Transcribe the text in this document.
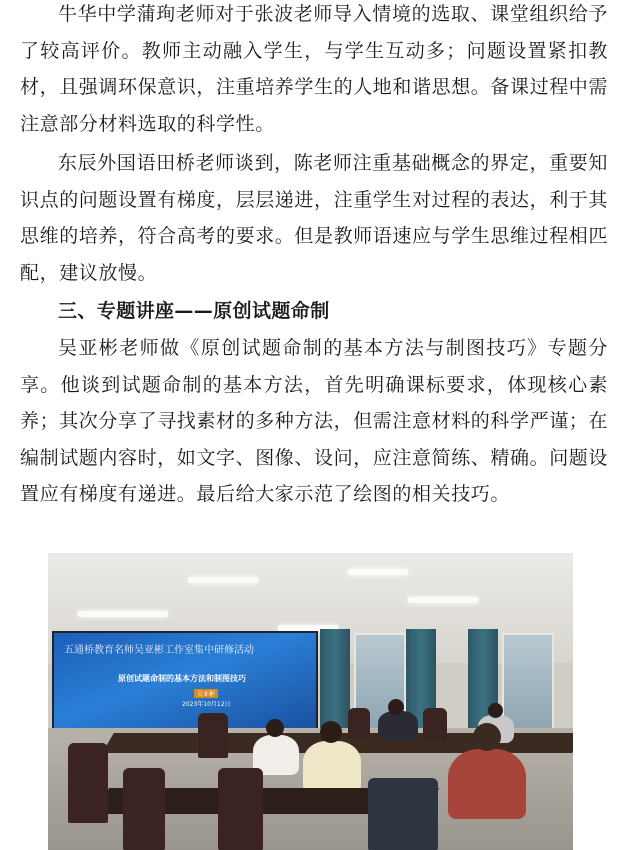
牛华中学蒲珣老师对于张波老师导入情境的选取、课堂组织给予了较高评价。教师主动融入学生，与学生互动多；问题设置紧扣教材，且强调环保意识，注重培养学生的人地和谐思想。备课过程中需注意部分材料选取的科学性。

东辰外国语田桥老师谈到，陈老师注重基础概念的界定，重要知识点的问题设置有梯度，层层递进，注重学生对过程的表达，利于其思维的培养，符合高考的要求。但是教师语速应与学生思维过程相匹配，建议放慢。

三、专题讲座——原创试题命制

吴亚彬老师做《原创试题命制的基本方法与制图技巧》专题分享。他谈到试题命制的基本方法，首先明确课标要求，体现核心素养；其次分享了寻找素材的多种方法，但需注意材料的科学严谨；在编制试题内容时，如文字、图像、设问，应注意简练、精确。问题设置应有梯度有递进。最后给大家示范了绘图的相关技巧。

五通桥教育名师吴亚彬工作室集中研修活动
原创试题命制的基本方法和制图技巧
吴亚彬
2023年10月12日
